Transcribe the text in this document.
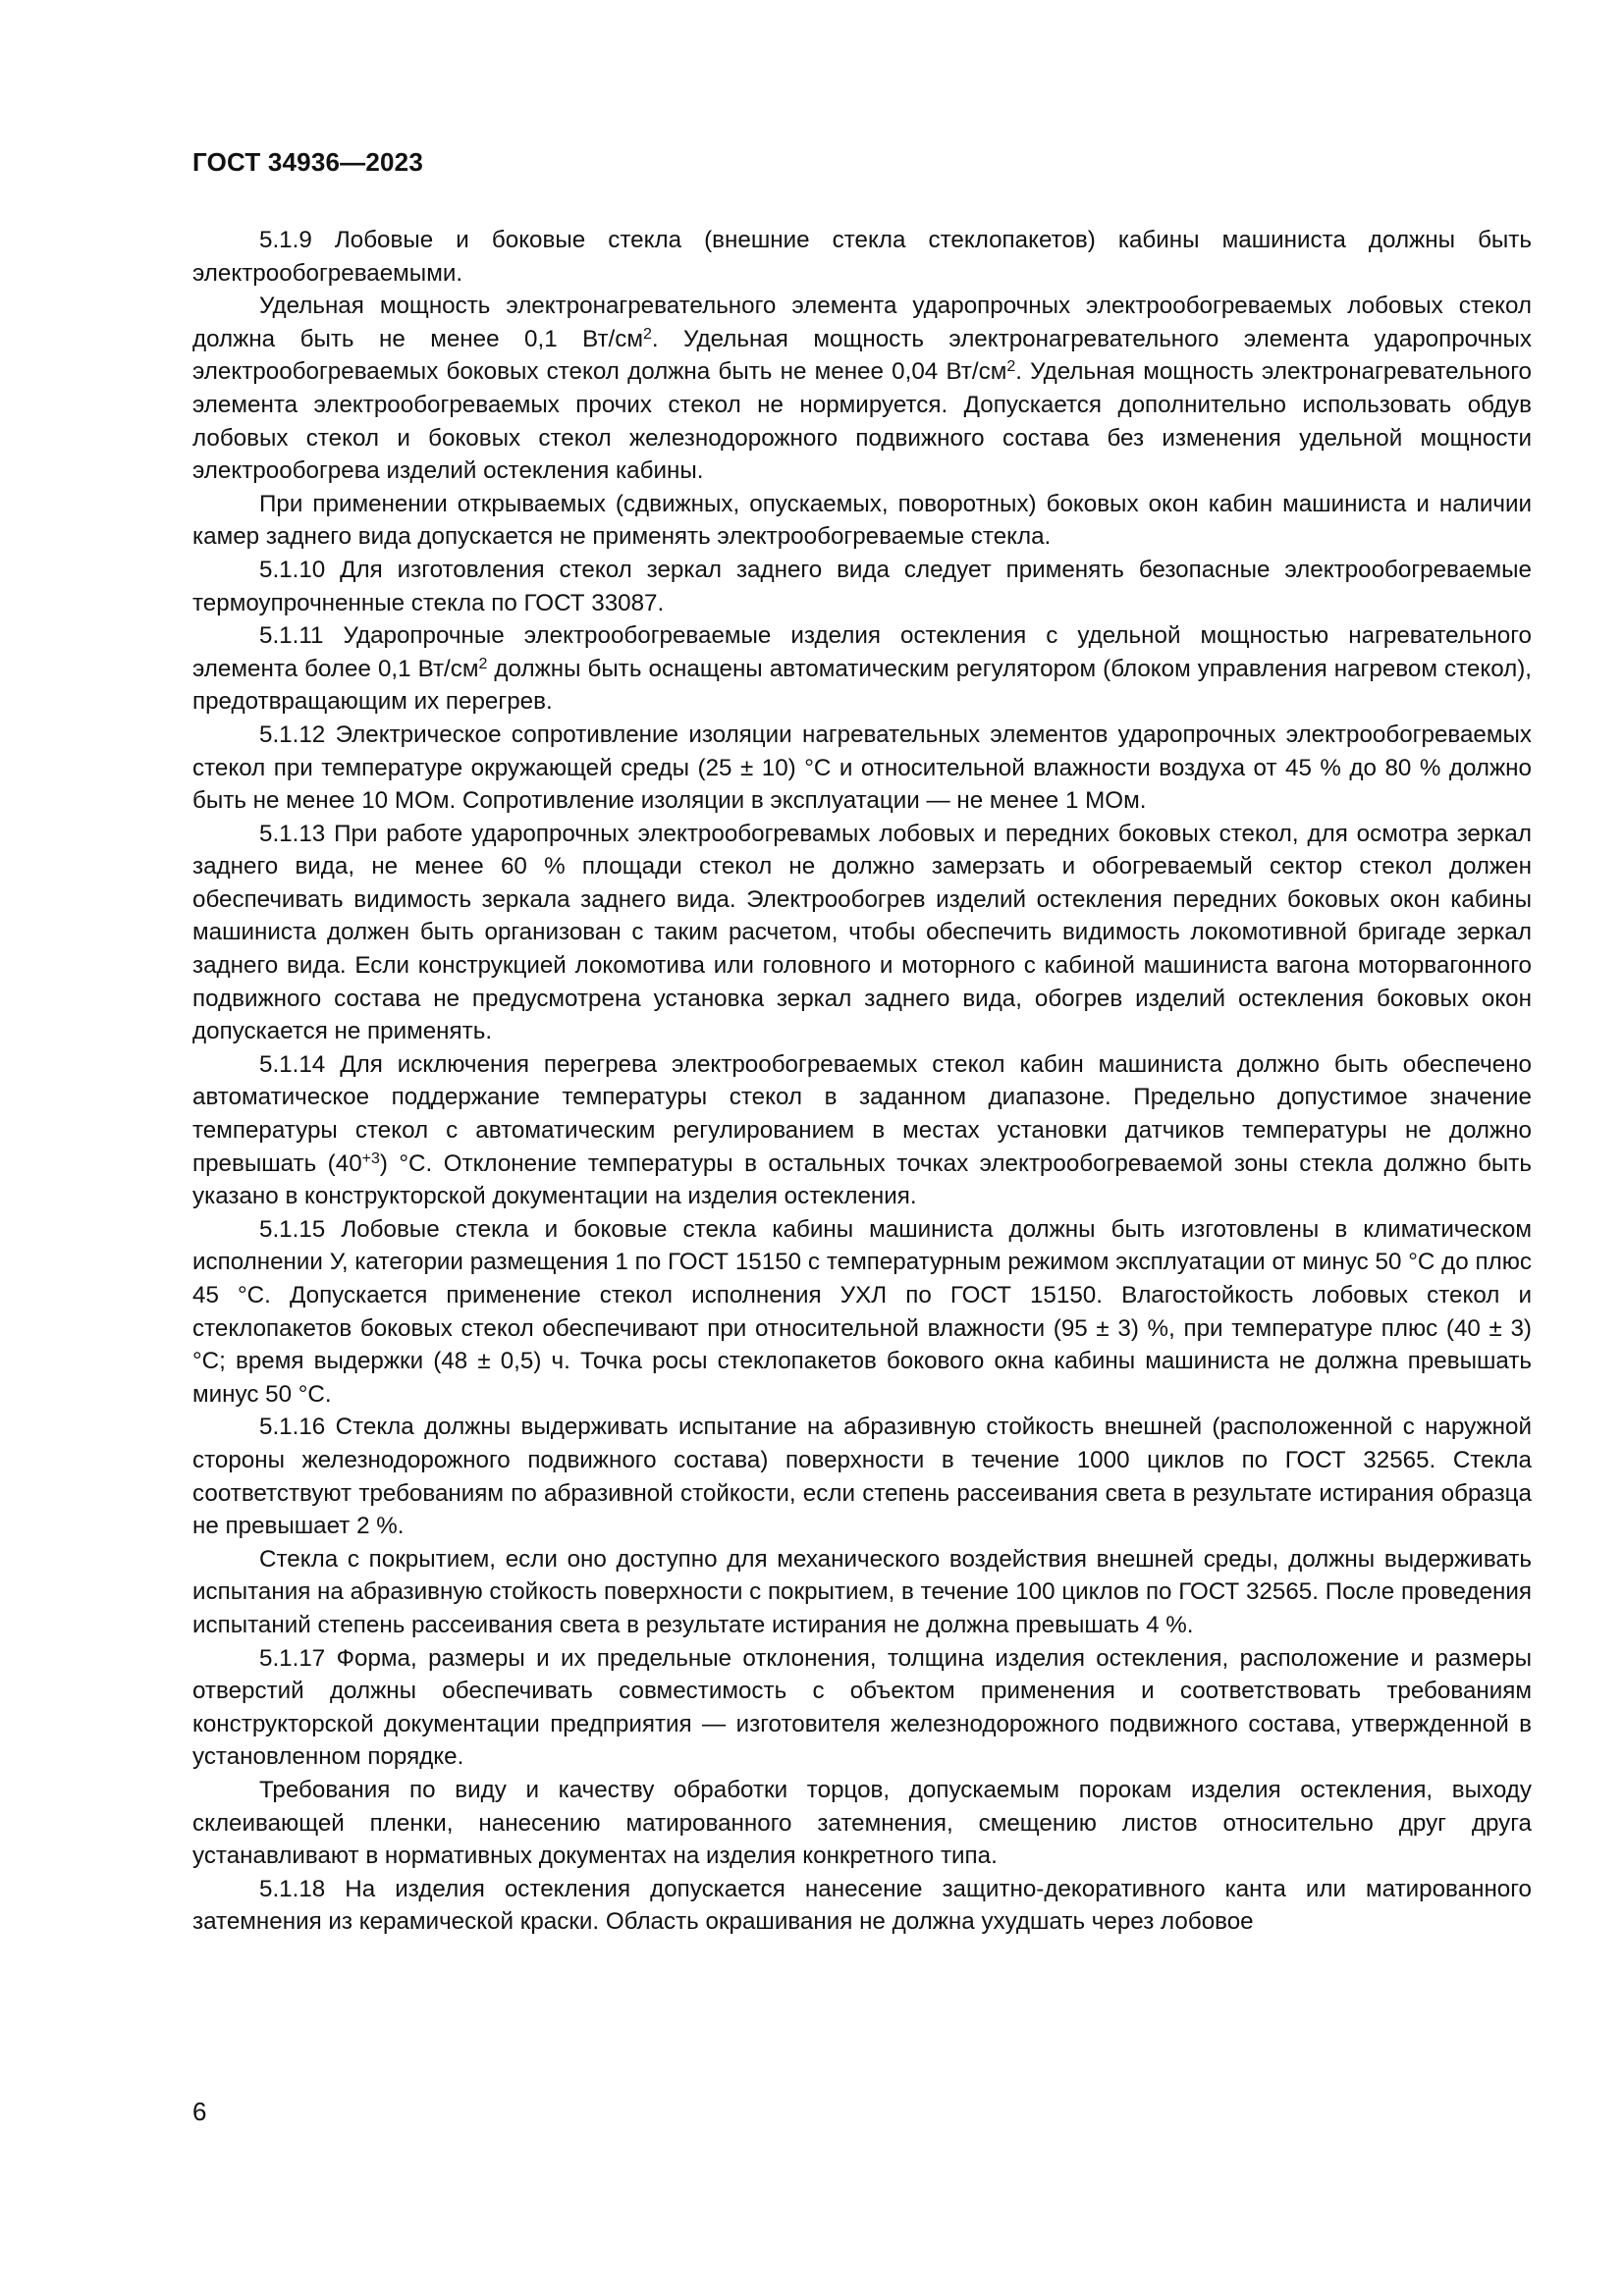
ГОСТ 34936—2023

5.1.9 Лобовые и боковые стекла (внешние стекла стеклопакетов) кабины машиниста должны быть электрообогреваемыми.

Удельная мощность электронагревательного элемента ударопрочных электрообогреваемых лобовых стекол должна быть не менее 0,1 $Вт/см^2$. Удельная мощность электронагревательного элемента ударопрочных электрообогреваемых боковых стекол должна быть не менее 0,04 $Вт/см^2$. Удельная мощность электронагревательного элемента электрообогреваемых прочих стекол не нормируется. Допускается дополнительно использовать обдув лобовых стекол и боковых стекол железнодорожного подвижного состава без изменения удельной мощности электрообогрева изделий остекления кабины.

При применении открываемых (сдвижных, опускаемых, поворотных) боковых окон кабин машиниста и наличии камер заднего вида допускается не применять электрообогреваемые стекла.

5.1.10 Для изготовления стекол зеркал заднего вида следует применять безопасные электрообогреваемые термоупрочненные стекла по ГОСТ 33087.

5.1.11 Ударопрочные электрообогреваемые изделия остекления с удельной мощностью нагревательного элемента более 0,1 $Вт/см^2$ должны быть оснащены автоматическим регулятором (блоком управления нагревом стекол), предотвращающим их перегрев.

5.1.12 Электрическое сопротивление изоляции нагревательных элементов ударопрочных электрообогреваемых стекол при температуре окружающей среды (25 ± 10) °С и относительной влажности воздуха от 45 % до 80 % должно быть не менее 10 МОм. Сопротивление изоляции в эксплуатации — не менее 1 МОм.

5.1.13 При работе ударопрочных электрообогревамых лобовых и передних боковых стекол, для осмотра зеркал заднего вида, не менее 60 % площади стекол не должно замерзать и обогреваемый сектор стекол должен обеспечивать видимость зеркала заднего вида. Электрообогрев изделий остекления передних боковых окон кабины машиниста должен быть организован с таким расчетом, чтобы обеспечить видимость локомотивной бригаде зеркал заднего вида. Если конструкцией локомотива или головного и моторного с кабиной машиниста вагона моторвагонного подвижного состава не предусмотрена установка зеркал заднего вида, обогрев изделий остекления боковых окон допускается не применять.

5.1.14 Для исключения перегрева электрообогреваемых стекол кабин машиниста должно быть обеспечено автоматическое поддержание температуры стекол в заданном диапазоне. Предельно допустимое значение температуры стекол с автоматическим регулированием в местах установки датчиков температуры не должно превышать $(40^{+3})$ °С. Отклонение температуры в остальных точках электрообогреваемой зоны стекла должно быть указано в конструкторской документации на изделия остекления.

5.1.15 Лобовые стекла и боковые стекла кабины машиниста должны быть изготовлены в климатическом исполнении У, категории размещения 1 по ГОСТ 15150 с температурным режимом эксплуатации от минус 50 °С до плюс 45 °С. Допускается применение стекол исполнения УХЛ по ГОСТ 15150. Влагостойкость лобовых стекол и стеклопакетов боковых стекол обеспечивают при относительной влажности (95 ± 3) %, при температуре плюс (40 ± 3) °С; время выдержки (48 ± 0,5) ч. Точка росы стеклопакетов бокового окна кабины машиниста не должна превышать минус 50 °С.

5.1.16 Стекла должны выдерживать испытание на абразивную стойкость внешней (расположенной с наружной стороны железнодорожного подвижного состава) поверхности в течение 1000 циклов по ГОСТ 32565. Стекла соответствуют требованиям по абразивной стойкости, если степень рассеивания света в результате истирания образца не превышает 2 %.

Стекла с покрытием, если оно доступно для механического воздействия внешней среды, должны выдерживать испытания на абразивную стойкость поверхности с покрытием, в течение 100 циклов по ГОСТ 32565. После проведения испытаний степень рассеивания света в результате истирания не должна превышать 4 %.

5.1.17 Форма, размеры и их предельные отклонения, толщина изделия остекления, расположение и размеры отверстий должны обеспечивать совместимость с объектом применения и соответствовать требованиям конструкторской документации предприятия — изготовителя железнодорожного подвижного состава, утвержденной в установленном порядке.

Требования по виду и качеству обработки торцов, допускаемым порокам изделия остекления, выходу склеивающей пленки, нанесению матированного затемнения, смещению листов относительно друг друга устанавливают в нормативных документах на изделия конкретного типа.

5.1.18 На изделия остекления допускается нанесение защитно-декоративного канта или матированного затемнения из керамической краски. Область окрашивания не должна ухудшать через лобовое

6
